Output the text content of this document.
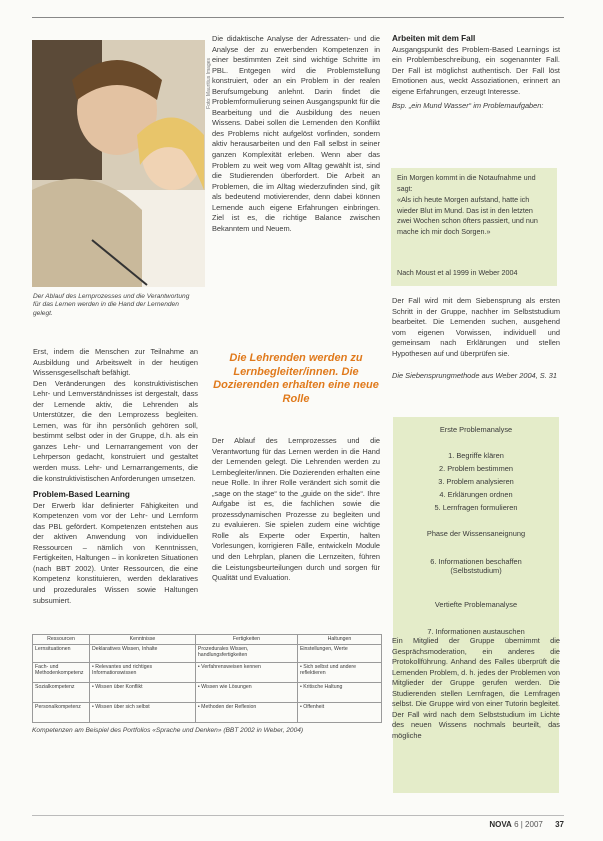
Foto: Mauritius Images
Der Ablauf des Lernprozesses und die Verantwortung für das Lernen werden in die Hand der Lernenden gelegt.

Erst, indem die Menschen zur Teilnahme an Ausbildung und Arbeitswelt in der heutigen Wissensgesellschaft befähigt.

Den Veränderungen des konstruktivistischen Lehr- und Lernverständnisses ist dergestalt, dass der Lernende aktiv, die Lehrenden als Unterstützer, die den Lernprozess begleiten. Lernen, was für ihn persönlich gehören soll, bestimmt selbst oder in der Gruppe, d.h. als ein ganzes Lehr- und Lernarrangement von der Lehrperson gedacht, konstruiert und gestaltet werden muss. Lehr- und Lernarrangements, die die konstruktivistischen Anforderungen umsetzen.

Problem-Based Learning

Der Erwerb klar definierter Fähigkeiten und Kompetenzen vom vor der Lehr- und Lernform das PBL gefördert. Kompetenzen entstehen aus der aktiven Anwendung von individuellen Ressourcen – nämlich von Kenntnissen, Fertigkeiten, Haltungen – in konkreten Situationen (nach BBT 2002). Unter Ressourcen, die eine Kompetenz konstituieren, werden deklaratives und prozedurales Wissen sowie Haltungen subsumiert.

Die didaktische Analyse der Adressaten- und die Analyse der zu erwerbenden Kompetenzen in einer bestimmten Zeit sind wichtige Schritte im PBL. Entgegen wird die Problemstellung konstruiert, oder an ein Problem in der realen Berufsumgebung anlehnt. Darin findet die Problemformulierung seinen Ausgangspunkt für die Bearbeitung und die Ausbildung des neuen Wissens. Dabei sollen die Lernenden den Konflikt des Problems nicht aufgelöst vorfinden, sondern aktiv herausarbeiten und den Fall selbst in seiner ganzen Komplexität erleben. Wenn aber das Problem zu weit weg vom Alltag gewählt ist, sind die Studierenden überfordert. Die Arbeit an Problemen, die im Alltag wiederzufinden sind, gilt als bedeutend motivierender, denn dabei können Lernende auch eigene Erfahrungen einbringen. Ziel ist es, die richtige Balance zwischen Bekanntem und Neuem.

Die Lehrenden werden zu Lernbegleiter/innen. Die Dozierenden erhalten eine neue Rolle

Der Ablauf des Lernprozesses und die Verantwortung für das Lernen werden in die Hand der Lernenden gelegt. Die Lehrenden werden zu Lernbegleiter/innen. Die Dozierenden erhalten eine neue Rolle. In ihrer Rolle verändert sich somit die „sage on the stage“ to the „guide on the side“. Ihre Aufgabe ist es, die fachlichen sowie die prozessdynamischen Prozesse zu begleiten und zu evaluieren. Sie spielen zudem eine wichtige Rolle als Experte oder Expertin, halten Vorlesungen, korrigieren Fälle, entwickeln Module und den Lehrplan, planen die Lernzeiten, führen die Leistungsbeurteilungen durch und sorgen für Qualität und Evaluation.

Arbeiten mit dem Fall

Ausgangspunkt des Problem-Based Learnings ist ein Problembeschreibung, ein sogenannter Fall. Der Fall ist möglichst authentisch. Der Fall löst Emotionen aus, weckt Assoziationen, erinnert an eigene Erfahrungen, erzeugt Interesse.

Bsp. „ein Mund Wasser“ im Problemaufgaben:

Ein Morgen kommt in die Notaufnahme und sagt:
«Als ich heute Morgen aufstand, hatte ich wieder Blut im Mund. Das ist in den letzten zwei Wochen schon öfters passiert, und nun mache ich mir doch Sorgen.»
Nach Moust et al 1999 in Weber 2004

Der Fall wird mit dem Siebensprung als ersten Schritt in der Gruppe, nachher im Selbststudium bearbeitet. Die Lernenden suchen, ausgehend vom eigenen Vorwissen, individuell und gemeinsam nach Erklärungen und stellen Hypothesen auf und überprüfen sie.

Die Siebensprungmethode aus Weber 2004, S. 31

Erste Problemanalyse
1. Begriffe klären
2. Problem bestimmen
3. Problem analysieren
4. Erklärungen ordnen
5. Lernfragen formulieren
Phase der Wissensaneignung
6. Informationen beschaffen (Selbststudium)
Vertiefte Problemanalyse
7. Informationen austauschen

Ein Mitglied der Gruppe übernimmt die Gesprächsmoderation, ein anderes die Protokollführung. Anhand des Falles überprüft die Lernenden Problem, d. h. jedes der Problemen von Mitglieder der Gruppe gerufen werden. Die Studierenden stellen Lernfragen, die Lernfragen selbst. Die Gruppe wird von einer Tutorin begleitet. Der Fall wird nach dem Selbststudium im Lichte des neuen Wissens nochmals beurteilt, das mögliche

Ressourcen	Kenntnisse	Fertigkeiten	Haltungen
Lernsituationen	Deklaratives Wissen, Inhalte	Prozedurales Wissen, handlungsfertigkeiten	Einstellungen, Werte
Fach- und Methodenkompetenz	• Relevantes und richtiges Informationswissen	• Verfahrensweisen kennen	• Sich selbst und andere reflektieren
Sozialkompetenz	• Wissen über Konflikt	• Wissen wie Lösungen	• Kritische Haltung
Personalkompetenz	• Wissen über sich selbst	• Methoden der Reflexion	• Offenheit
Kompetenzen am Beispiel des Portfolios «Sprache und Denken» (BBT 2002 in Weber, 2004)
NOVA 6 | 2007 37
